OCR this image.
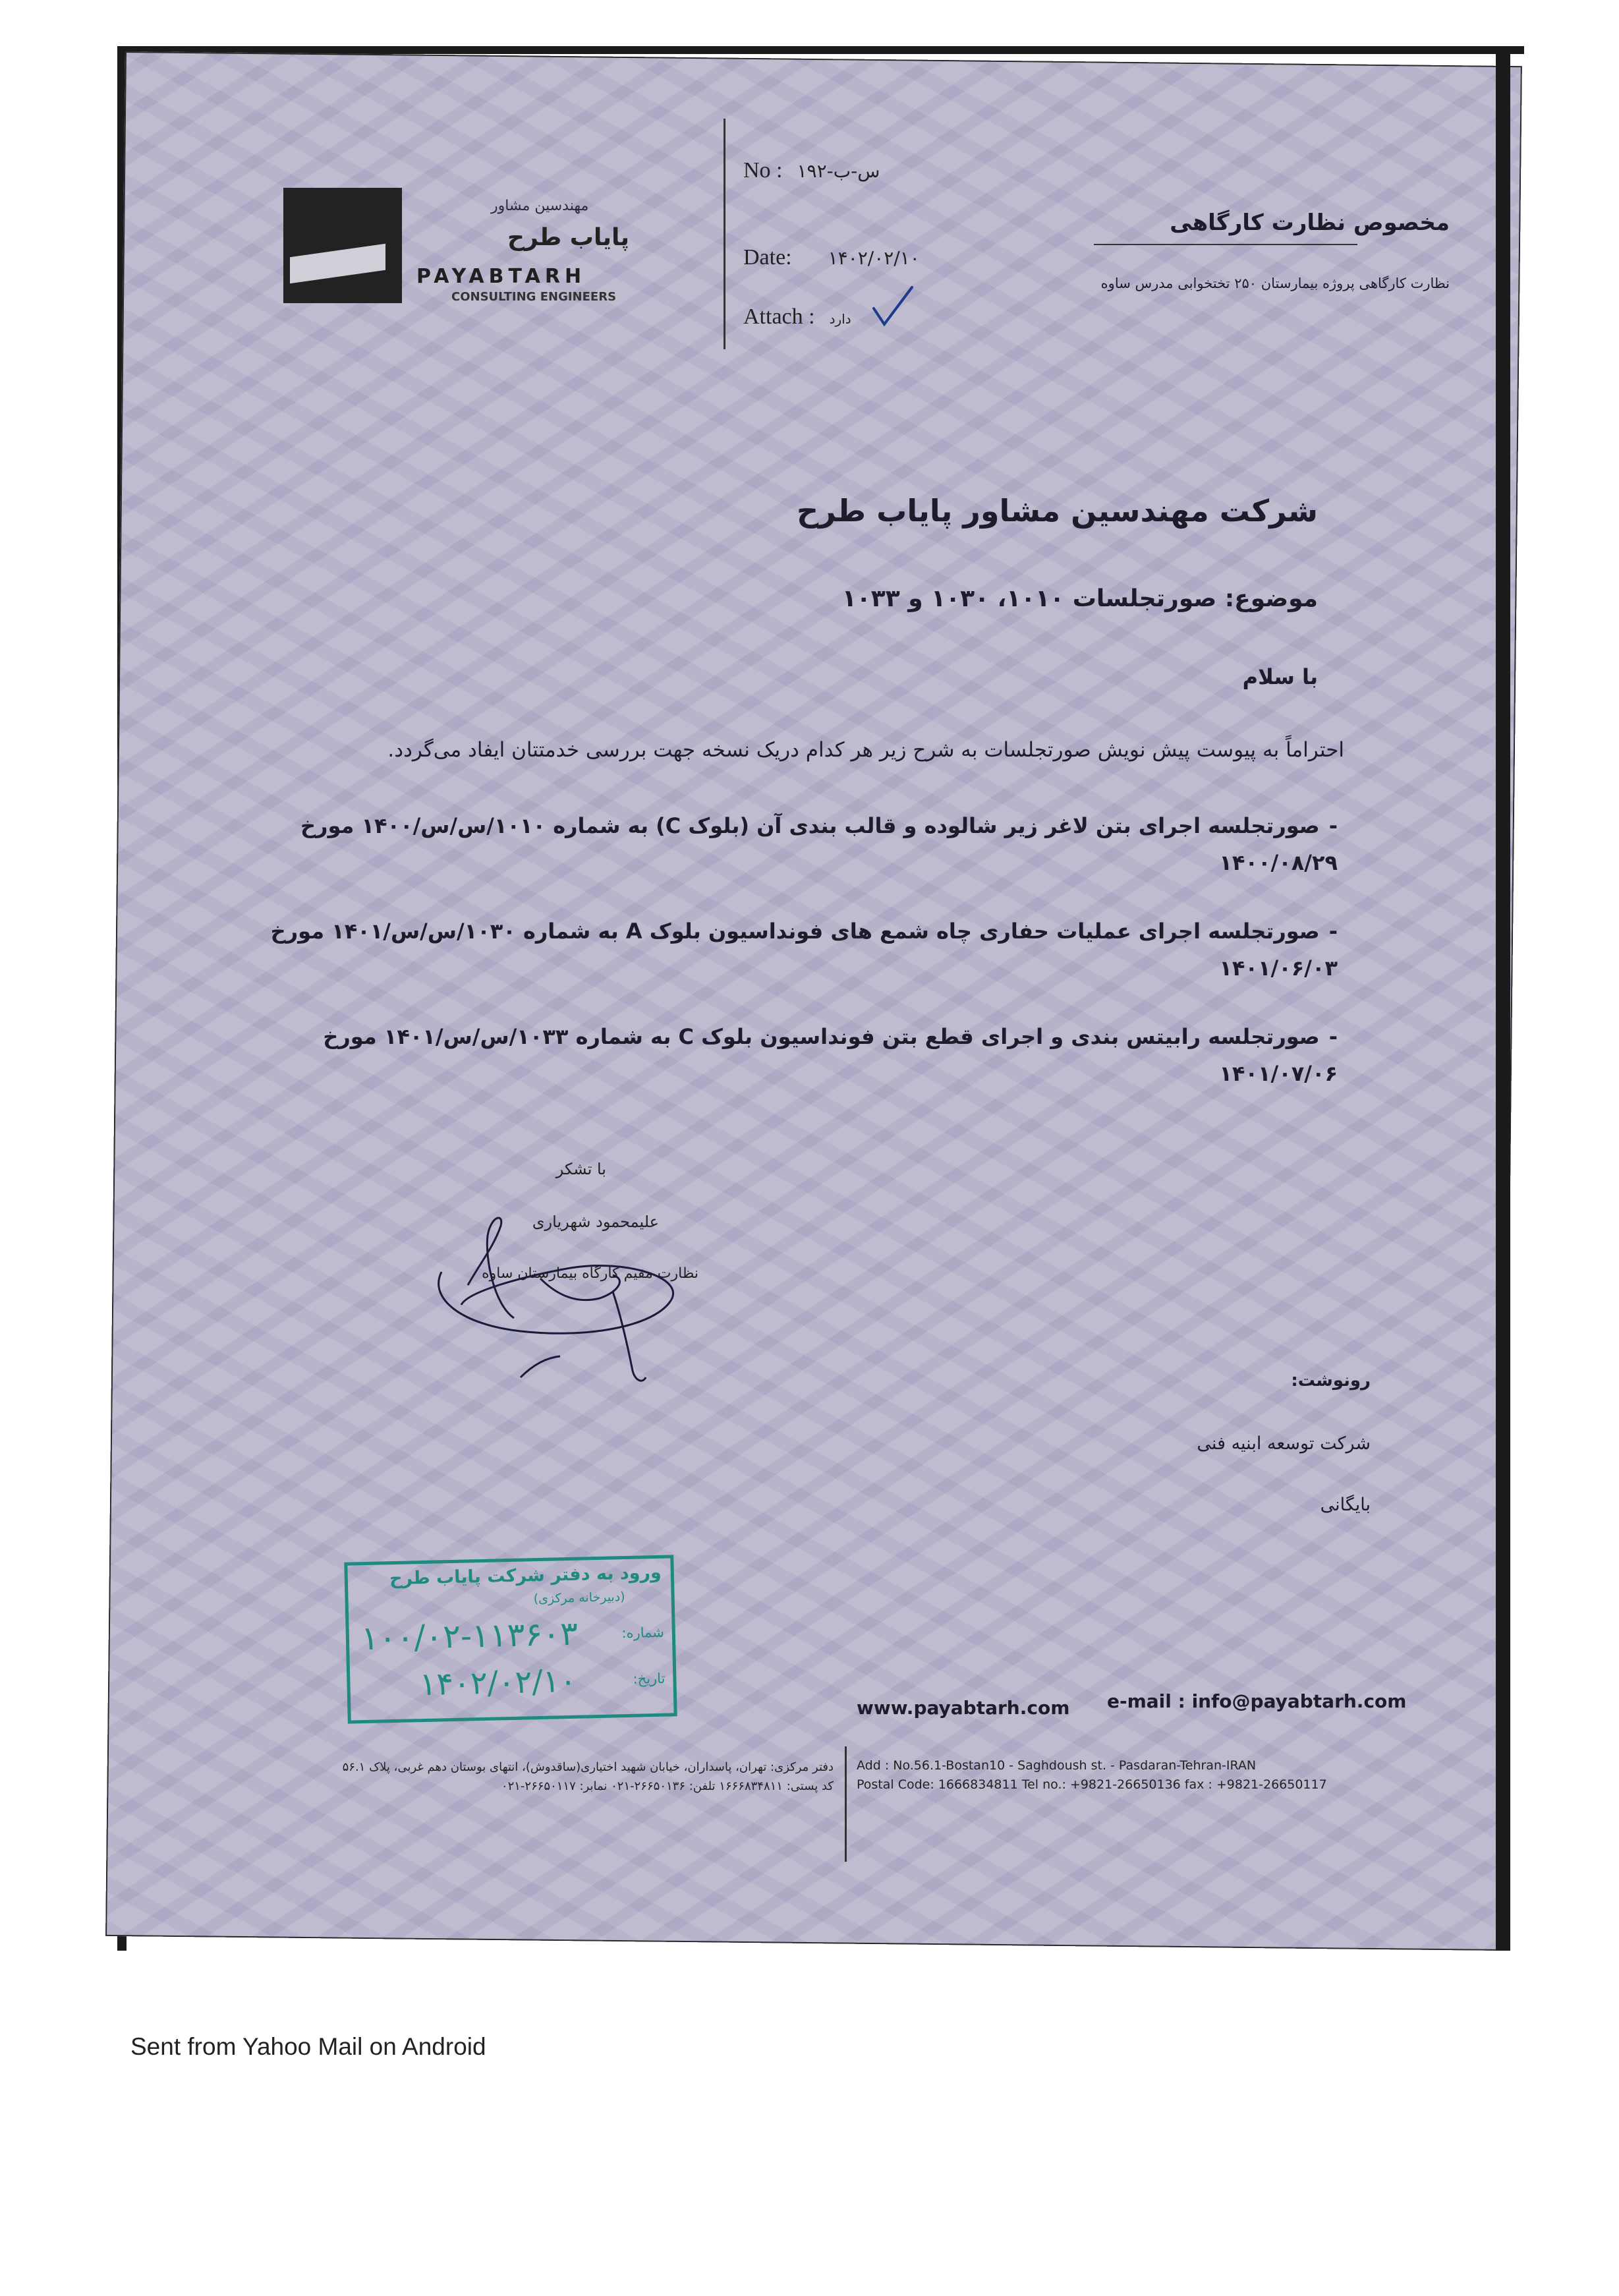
مهندسین مشاور
پایاب طرح
PAYABTARH
CONSULTING ENGINEERS
No : ۱۹۲-س-ب
Date: ۱۴۰۲/۰۲/۱۰
Attach : دارد
مخصوص نظارت کارگاهی
نظارت کارگاهی پروژه بیمارستان ۲۵۰ تختخوابی مدرس ساوه
شرکت مهندسین مشاور پایاب طرح
موضوع: صورتجلسات ۱۰۱۰، ۱۰۳۰ و ۱۰۳۳
با سلام
احتراماً به پیوست پیش نویش صورتجلسات به شرح زیر هر کدام دریک نسخه جهت بررسی خدمتتان ایفاد می‌گردد.
-صورتجلسه اجرای بتن لاغر زیر شالوده و قالب بندی آن (بلوک C) به شماره ۱۰۱۰/س/س/۱۴۰۰ مورخ
۱۴۰۰/۰۸/۲۹
-صورتجلسه اجرای عملیات حفاری چاه شمع های فونداسیون بلوک A به شماره ۱۰۳۰/س/س/۱۴۰۱ مورخ
۱۴۰۱/۰۶/۰۳
-صورتجلسه رابیتس بندی و اجرای قطع بتن فونداسیون بلوک C به شماره ۱۰۳۳/س/س/۱۴۰۱ مورخ ۱۴۰۱/۰۷/۰۶
با تشکر
علیمحمود شهریاری
نظارت مقیم کارگاه بیمارستان ساوه
رونوشت:
شرکت توسعه ابنیه فنی
بایگانی
ورود به دفتر شرکت پایاب طرح
(دبیرخانه مرکزی)
شماره:
۱۰۰/۰۲-۱۱۳۶۰۳
تاریخ:
۱۴۰۲/۰۲/۱۰
www.payabtarh.com e-mail : info@payabtarh.com
Add : No.56.1-Bostan10 - Saghdoush st. - Pasdaran-Tehran-IRAN
Postal Code: 1666834811 Tel no.: +9821-26650136 fax : +9821-26650117
دفتر مرکزی: تهران، پاسداران، خیابان شهید اختیاری(ساقدوش)، انتهای بوستان دهم غربی، پلاک ۵۶.۱
کد پستی: ۱۶۶۶۸۳۴۸۱۱ تلفن: ۲۶۶۵۰۱۳۶-۰۲۱ نمابر: ۲۶۶۵۰۱۱۷-۰۲۱
Sent from Yahoo Mail on Android
